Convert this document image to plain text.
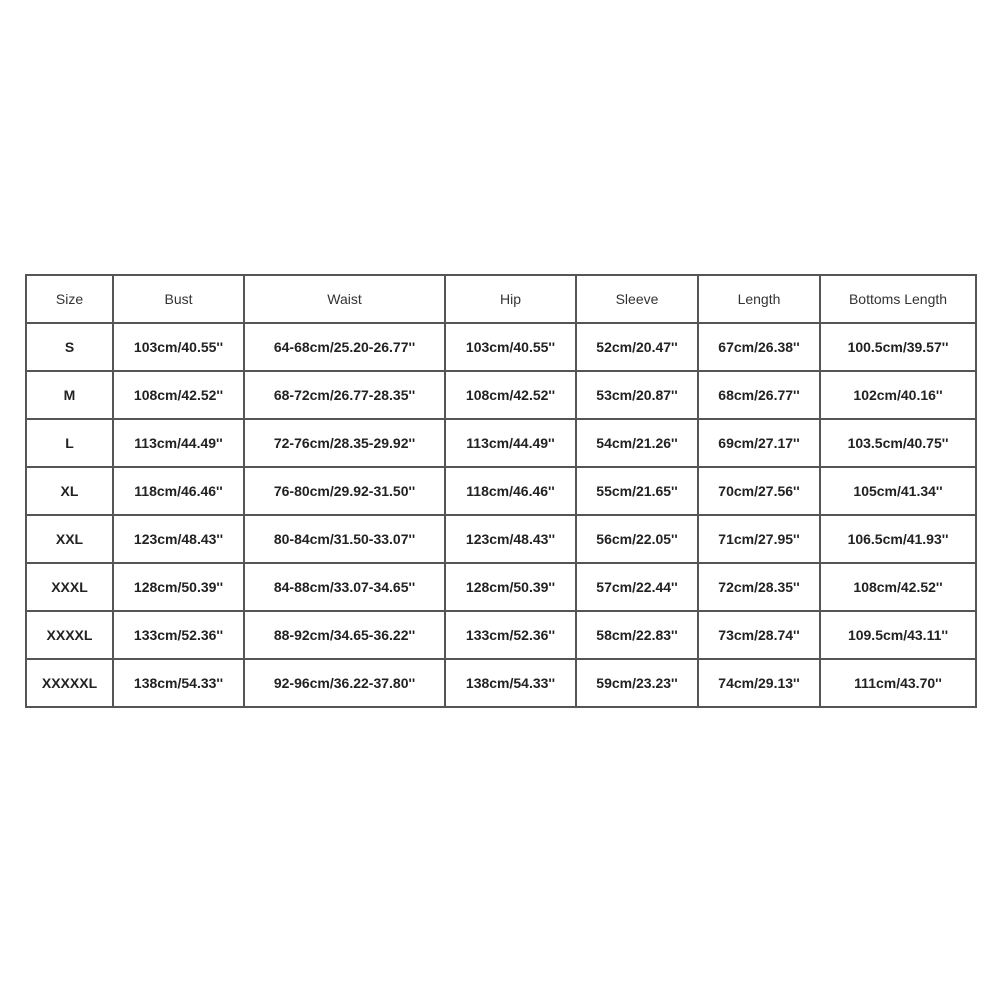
Size	Bust	Waist	Hip	Sleeve	Length	Bottoms Length
S	103cm/40.55''	64-68cm/25.20-26.77''	103cm/40.55''	52cm/20.47''	67cm/26.38''	100.5cm/39.57''
M	108cm/42.52''	68-72cm/26.77-28.35''	108cm/42.52''	53cm/20.87''	68cm/26.77''	102cm/40.16''
L	113cm/44.49''	72-76cm/28.35-29.92''	113cm/44.49''	54cm/21.26''	69cm/27.17''	103.5cm/40.75''
XL	118cm/46.46''	76-80cm/29.92-31.50''	118cm/46.46''	55cm/21.65''	70cm/27.56''	105cm/41.34''
XXL	123cm/48.43''	80-84cm/31.50-33.07''	123cm/48.43''	56cm/22.05''	71cm/27.95''	106.5cm/41.93''
XXXL	128cm/50.39''	84-88cm/33.07-34.65''	128cm/50.39''	57cm/22.44''	72cm/28.35''	108cm/42.52''
XXXXL	133cm/52.36''	88-92cm/34.65-36.22''	133cm/52.36''	58cm/22.83''	73cm/28.74''	109.5cm/43.11''
XXXXXL	138cm/54.33''	92-96cm/36.22-37.80''	138cm/54.33''	59cm/23.23''	74cm/29.13''	111cm/43.70''
